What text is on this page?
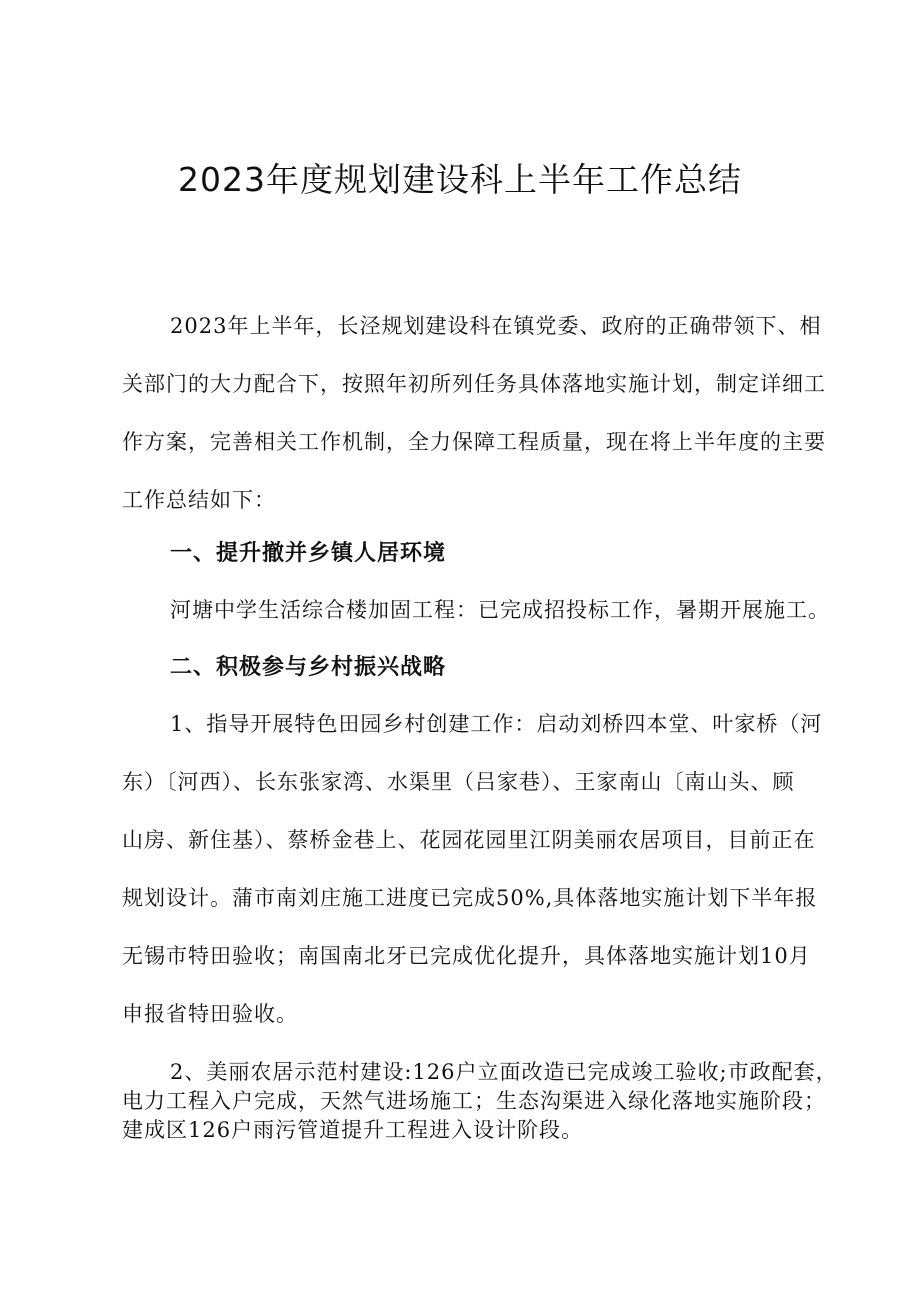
2023年度规划建设科上半年工作总结
2023年上半年，长泾规划建设科在镇党委、政府的正确带领下、相
关部门的大力配合下，按照年初所列任务具体落地实施计划，制定详细工
作方案，完善相关工作机制，全力保障工程质量，现在将上半年度的主要
工作总结如下：
一、提升撤并乡镇人居环境

河塘中学生活综合楼加固工程：已完成招投标工作，暑期开展施工。

二、积极参与乡村振兴战略
1、指导开展特色田园乡村创建工作：启动刘桥四本堂、叶家桥（河
东）〔河西）、长东张家湾、水渠里（吕家巷）、王家南山〔南山头、顾
山房、新住基）、蔡桥金巷上、花园花园里江阴美丽农居项目，目前正在
规划设计。蒲市南刘庄施工进度已完成50%,具体落地实施计划下半年报
无锡市特田验收；南国南北牙已完成优化提升，具体落地实施计划10月
申报省特田验收。
2、美丽农居示范村建设:126户立面改造已完成竣工验收;市政配套，
电力工程入户完成，天然气进场施工；生态沟渠进入绿化落地实施阶段；
建成区126户雨污管道提升工程进入设计阶段。
